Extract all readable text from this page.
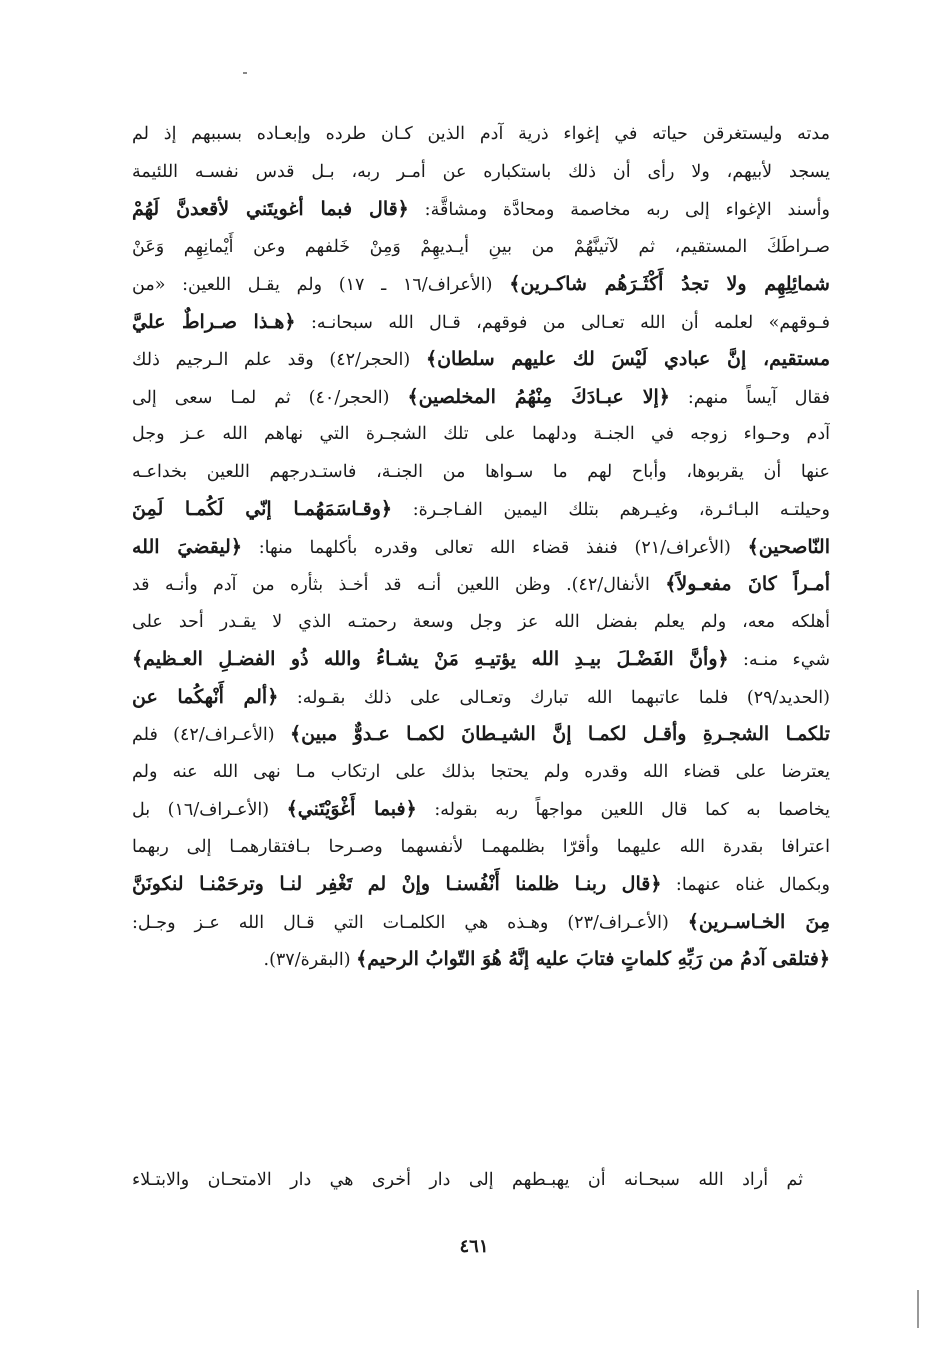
مدته وليستغرقن حياته في إغواء ذرية آدم الذين كـان طرده وإبعـاده بسببهم إذ لم
يسجد لأبيهم، ولا رأى أن ذلك باستكباره عن أمـر ربه، بـل قدس نفسـه اللئيمة
وأسند الإغواء إلى ربه مخاصمة ومحادَّة ومشاقَّة: ﴿قال فبما أغويتَني لأقعدنَّ لَهُمْ
صـراطَكَ المستقيم، ثم لآتينَّهُمْ من بينِ أيـديهِمْ وَمِنْ خَلفهم وعن أَيْمانِهِم وَعَنْ
شمائِلِهِم ولا تجدُ أَكْثَـرَهُم شاكـرين﴾ (الأعراف/١٦ ـ ١٧) ولم يقـل اللعين: «من
فـوقهم» لعلمه أن الله تعـالى من فوقهم، قـال الله سبحانـه: ﴿هـذا صـراطٌ عليَّ
مستقيم، إنَّ عبادي لَيْسَ لك عليهم سلطان﴾ (الحجر/٤٢) وقد علم الـرجيم ذلك
فقال آيساً منهم: ﴿إلا عبـادَكَ مِنْهُمُ المخلصين﴾ (الحجر/٤٠) ثم لمـا سعى إلى
آدم وحـواء زوجه في الجنـة ودلهما على تلك الشجـرة التي نهاهم الله عـز وجل
عنها أن يقربوها، وأباح لهم ما سـواها من الجنـة، فاستـدرجهم اللعين بخداعـه
وحيلتـه البـائـرة، وغيـرهم بتلك اليمين الفـاجـرة: ﴿وقـاسَمَهُمـا إنّي لَكُمـا لَمِنَ
النّاصحين﴾ (الأعراف/٢١) فنفذ قضاء الله تعالى وقدره بأكلهما منها: ﴿ليقضيَ الله
أمـراً كانَ مفعـولاً﴾ الأنفال/٤٢). وظن اللعين أنـه قد أخـذ بثأره من آدم وأنـه قد
أهلكه معه، ولم يعلم بفضل الله عز وجل وسعة رحمتـه الذي لا يقـدر أحد على
شيء منـه: ﴿وأنَّ الفَضْـلَ بيـدِ الله يؤتيـهِ مَنْ يشـاءُ والله ذُو الفضـلِ العـظيم﴾
(الحديد/٢٩) فلما عاتبهما الله تبارك وتعـالى على ذلك بقـوله: ﴿ألم أَنْهكُما عن
تلكمـا الشجـرةِ وأقـل لكمـا إنَّ الشيـطانَ لكمـا عـدوٌّ مبين﴾ (الأعـراف/٤٢) فلم
يعترضا على قضاء الله وقدره ولم يحتجا بذلك على ارتكاب مـا نهى الله عنه ولم
يخاصما به كما قال اللعين مواجهاً ربه بقوله: ﴿فبما أَغْوَيْتَني﴾ (الأعـراف/١٦) بل
اعترافا بقدرة الله عليهما وأقرّا بظلمهمـا لأنفسهما وصـرحا بـافتقارهمـا إلى ربهما
وبكمال غناه عنهما: ﴿قال ربنـا ظلمنا أَنْفُسنـا وإنْ لم تَغْفِر لنـا وترحَمْنـا لنكونَنَّ
مِنَ الخـاسـرين﴾ (الأعـراف/٢٣) وهـذه هي الكلمـات التي قـال الله عـز وجـل:
﴿فتلقى آدمُ من رَبِّهِ كلماتٍ فتابَ عليه إنَّهُ هُوَ التّوابُ الرحيم﴾ (البقرة/٣٧).
ثم أراد الله سبحـانه أن يهبـطهم إلى دار أخرى هي دار الامتحـان والابتـلاء
٤٦١
